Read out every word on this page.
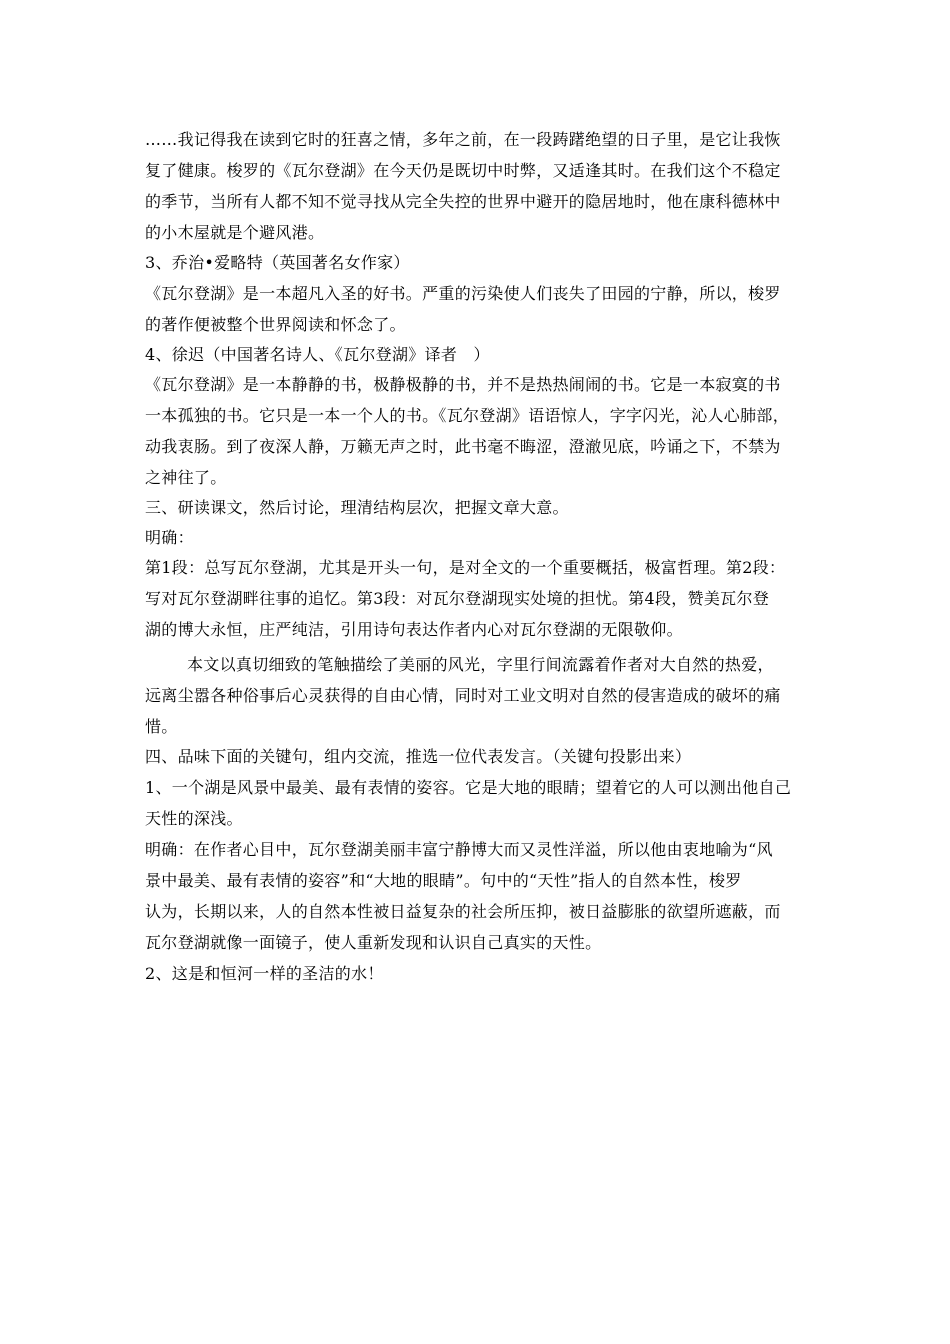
……我记得我在读到它时的狂喜之情，多年之前，在一段踌躇绝望的日子里，是它让我恢

复了健康。梭罗的《瓦尔登湖》在今天仍是既切中时弊，又适逢其时。在我们这个不稳定

的季节，当所有人都不知不觉寻找从完全失控的世界中避开的隐居地时，他在康科德林中

的小木屋就是个避风港。

3、乔治•爱略特（英国著名女作家）

《瓦尔登湖》是一本超凡入圣的好书。严重的污染使人们丧失了田园的宁静，所以，梭罗

的著作便被整个世界阅读和怀念了。

4、徐迟（中国著名诗人、《瓦尔登湖》译者　）

《瓦尔登湖》是一本静静的书，极静极静的书，并不是热热闹闹的书。它是一本寂寞的书

一本孤独的书。它只是一本一个人的书。《瓦尔登湖》语语惊人，字字闪光，沁人心肺部，

动我衷肠。到了夜深人静，万籁无声之时，此书毫不晦涩，澄澈见底，吟诵之下，不禁为

之神往了。

三、研读课文，然后讨论，理清结构层次，把握文章大意。

明确：

第1段：总写瓦尔登湖，尤其是开头一句，是对全文的一个重要概括，极富哲理。第2段：

写对瓦尔登湖畔往事的追忆。第3段：对瓦尔登湖现实处境的担忧。第4段，赞美瓦尔登

湖的博大永恒，庄严纯洁，引用诗句表达作者内心对瓦尔登湖的无限敬仰。

本文以真切细致的笔触描绘了美丽的风光，字里行间流露着作者对大自然的热爱，

远离尘嚣各种俗事后心灵获得的自由心情，同时对工业文明对自然的侵害造成的破坏的痛

惜。

四、品味下面的关键句，组内交流，推选一位代表发言。（关键句投影出来）

1、一个湖是风景中最美、最有表情的姿容。它是大地的眼睛；望着它的人可以测出他自己

天性的深浅。

明确：在作者心目中，瓦尔登湖美丽丰富宁静博大而又灵性洋溢，所以他由衷地喻为“风

景中最美、最有表情的姿容”和“大地的眼睛”。句中的“天性”指人的自然本性，梭罗

认为，长期以来，人的自然本性被日益复杂的社会所压抑，被日益膨胀的欲望所遮蔽，而

瓦尔登湖就像一面镜子，使人重新发现和认识自己真实的天性。

2、这是和恒河一样的圣洁的水！
